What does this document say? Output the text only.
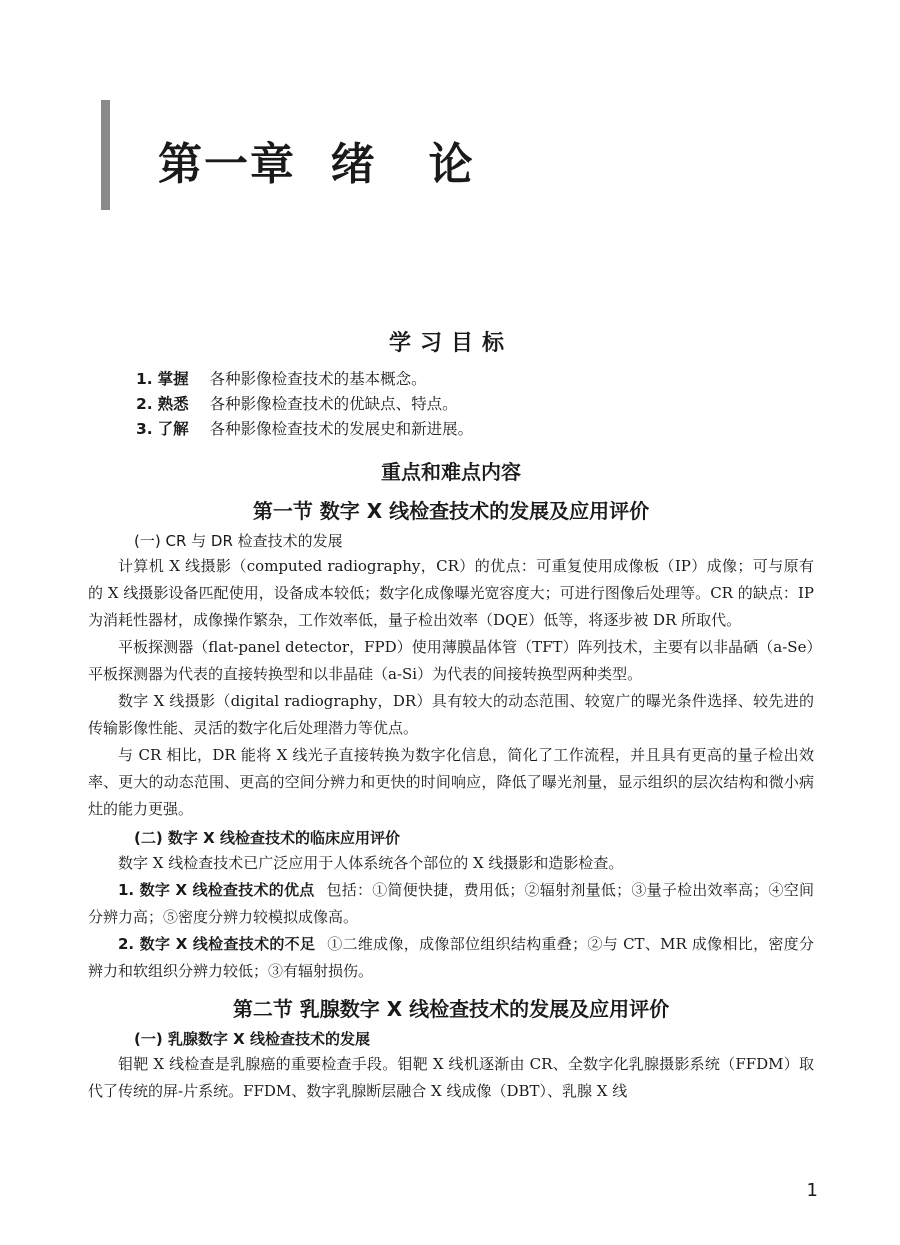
第一章  绪   论
学习目标
1. 掌握 各种影像检查技术的基本概念。
2. 熟悉 各种影像检查技术的优缺点、特点。
3. 了解 各种影像检查技术的发展史和新进展。
重点和难点内容
第一节 数字 X 线检查技术的发展及应用评价
(一) CR 与 DR 检查技术的发展

计算机 X 线摄影（computed radiography，CR）的优点：可重复使用成像板（IP）成像；可与原有的 X 线摄影设备匹配使用，设备成本较低；数字化成像曝光宽容度大；可进行图像后处理等。CR 的缺点：IP 为消耗性器材，成像操作繁杂，工作效率低，量子检出效率（DQE）低等，将逐步被 DR 所取代。

平板探测器（flat-panel detector，FPD）使用薄膜晶体管（TFT）阵列技术，主要有以非晶硒（a-Se）平板探测器为代表的直接转换型和以非晶硅（a-Si）为代表的间接转换型两种类型。

数字 X 线摄影（digital radiography，DR）具有较大的动态范围、较宽广的曝光条件选择、较先进的传输影像性能、灵活的数字化后处理潜力等优点。

与 CR 相比，DR 能将 X 线光子直接转换为数字化信息，简化了工作流程，并且具有更高的量子检出效率、更大的动态范围、更高的空间分辨力和更快的时间响应，降低了曝光剂量，显示组织的层次结构和微小病灶的能力更强。

(二) 数字 X 线检查技术的临床应用评价

数字 X 线检查技术已广泛应用于人体系统各个部位的 X 线摄影和造影检查。

1. 数字 X 线检查技术的优点 包括：①简便快捷，费用低；②辐射剂量低；③量子检出效率高；④空间分辨力高；⑤密度分辨力较模拟成像高。

2. 数字 X 线检查技术的不足 ①二维成像，成像部位组织结构重叠；②与 CT、MR 成像相比，密度分辨力和软组织分辨力较低；③有辐射损伤。

第二节 乳腺数字 X 线检查技术的发展及应用评价
(一) 乳腺数字 X 线检查技术的发展

钼靶 X 线检查是乳腺癌的重要检查手段。钼靶 X 线机逐渐由 CR、全数字化乳腺摄影系统（FFDM）取代了传统的屏-片系统。FFDM、数字乳腺断层融合 X 线成像（DBT）、乳腺 X 线

1
